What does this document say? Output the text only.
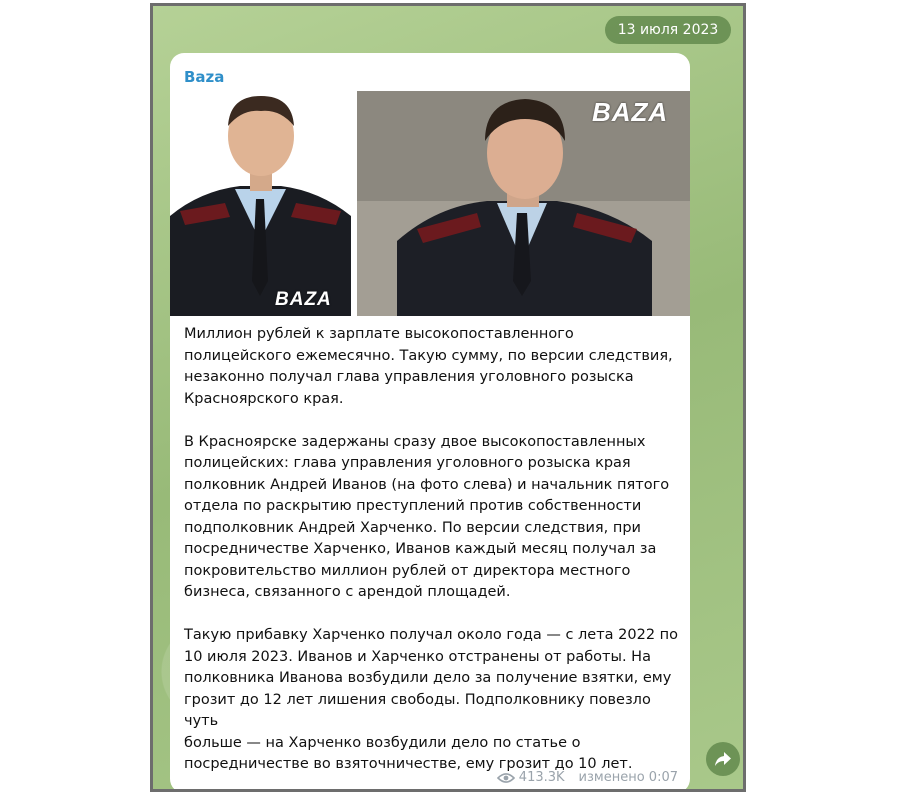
13 июля 2023
Baza
BAZA
BAZA

Миллион рублей к зарплате высокопоставленного
полицейского ежемесячно. Такую сумму, по версии следствия,
незаконно получал глава управления уголовного розыска
Красноярского края.

В Красноярске задержаны сразу двое высокопоставленных
полицейских: глава управления уголовного розыска края
полковник Андрей Иванов (на фото слева) и начальник пятого
отдела по раскрытию преступлений против собственности
подполковник Андрей Харченко. По версии следствия, при
посредничестве Харченко, Иванов каждый месяц получал за
покровительство миллион рублей от директора местного
бизнеса, связанного с арендой площадей.

Такую прибавку Харченко получал около года — с лета 2022 по
10 июля 2023. Иванов и Харченко отстранены от работы. На
полковника Иванова возбудили дело за получение взятки, ему
грозит до 12 лет лишения свободы. Подполковнику повезло чуть
больше — на Харченко возбудили дело по статье о
посредничестве во взяточничестве, ему грозит до 10 лет.

413.3K изменено 0:07
